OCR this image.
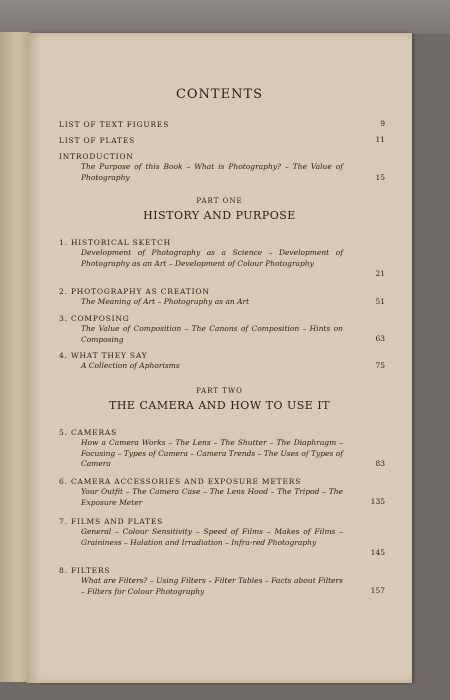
CONTENTS
LIST OF TEXT FIGURES	9
LIST OF PLATES	11
INTRODUCTION
The Purpose of this Book – What is Photography? – The Value of Photography	15
PART ONE
HISTORY AND PURPOSE
1. HISTORICAL SKETCH
Development of Photography as a Science – Development of Photography as an Art – Development of Colour Photography
21
2. PHOTOGRAPHY AS CREATION
The Meaning of Art – Photography as an Art	51
3. COMPOSING
The Value of Composition – The Canons of Composition – Hints on Composing	63
4. WHAT THEY SAY
A Collection of Aphorisms	75
PART TWO
THE CAMERA AND HOW TO USE IT
5. CAMERAS
How a Camera Works – The Lens – The Shutter – The Diaphragm – Focusing – Types of Camera – Camera Trends – The Uses of Types of Camera	83
6. CAMERA ACCESSORIES AND EXPOSURE METERS
Your Outfit – The Camera Case – The Lens Hood – The Tripod – The Exposure Meter	135
7. FILMS AND PLATES
General – Colour Sensitivity – Speed of Films – Makes of Films – Graininess – Halation and Irradiation – Infra-red Photography
145
8. FILTERS
What are Filters? – Using Filters – Filter Tables – Facts about Filters – Filters for Colour Photography	157
